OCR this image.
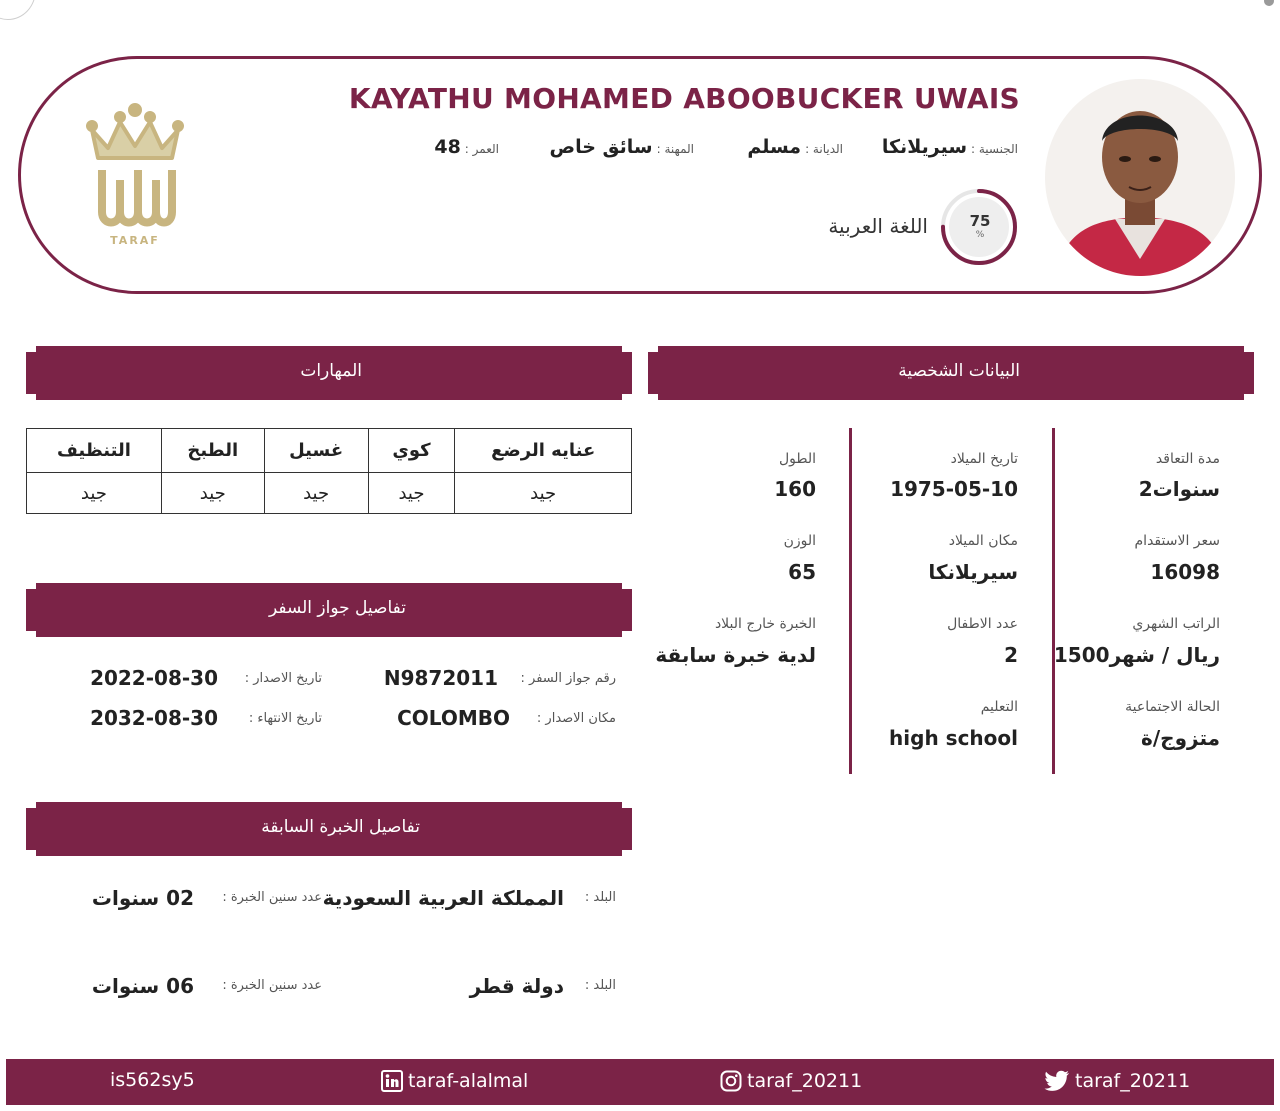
KAYATHU MOHAMED ABOOBUCKER UWAIS
الجنسية :
سيريلانكا
الديانة :
مسلم
المهنة :
سائق خاص
العمر :
48
75
%
اللغة العربية
TARAF
البيانات الشخصية
مدة التعاقد
2سنوات
سعر الاستقدام
16098
الراتب الشهري
1500ريال / شهر
الحالة الاجتماعية
متزوج/ة
تاريخ الميلاد
1975-05-10
مكان الميلاد
سيريلانكا
عدد الاطفال
2
التعليم
high school
الطول
160
الوزن
65
الخبرة خارج البلاد
لدية خبرة سابقة
المهارات
عنايه الرضع	كوي	غسيل	الطبخ	التنظيف
جيد	جيد	جيد	جيد	جيد
تفاصيل جواز السفر
رقم جواز السفر :
N9872011
مكان الاصدار :
COLOMBO
تاريخ الاصدار :
2022-08-30
تاريخ الانتهاء :
2032-08-30
تفاصيل الخبرة السابقة
البلد :
المملكة العربية السعودية
عدد سنين الخبرة :
02 سنوات
البلد :
دولة قطر
عدد سنين الخبرة :
06 سنوات
is562sy5	taraf-alalmal	taraf_20211	taraf_20211
